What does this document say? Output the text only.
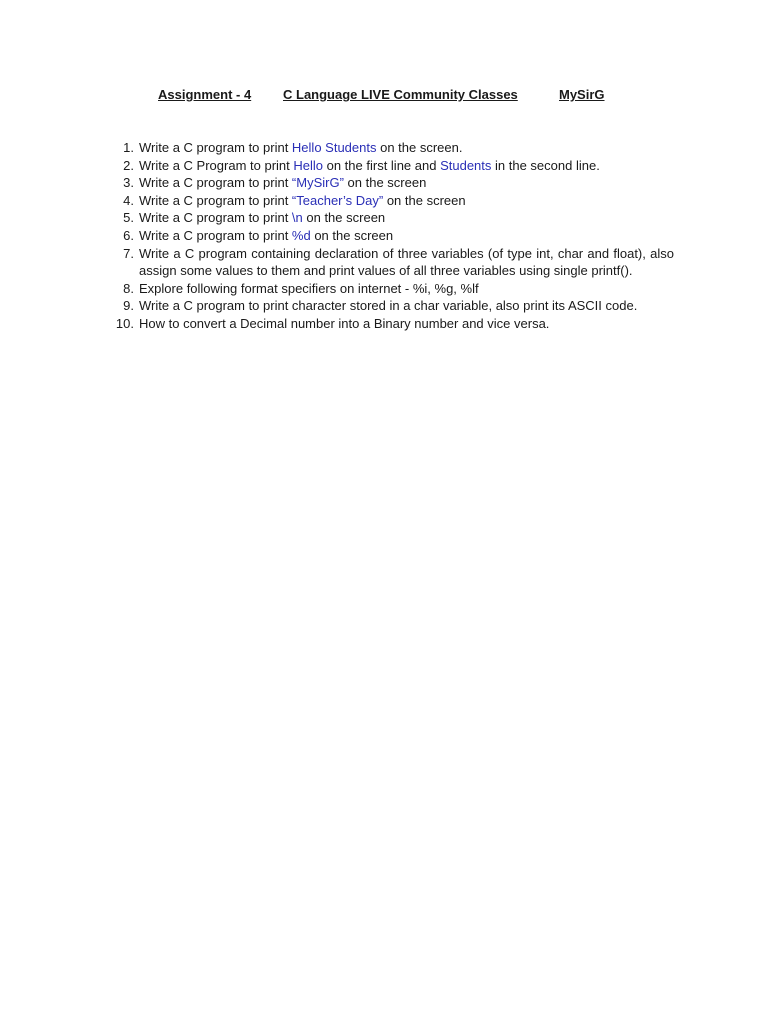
Assignment - 4 C Language LIVE Community Classes	MySirG
1. Write a C program to print Hello Students on the screen.
2. Write a C Program to print Hello on the first line and Students in the second line.
3. Write a C program to print “MySirG” on the screen
4. Write a C program to print “Teacher’s Day” on the screen
5. Write a C program to print \n on the screen
6. Write a C program to print %d on the screen
7. Write a C program containing declaration of three variables (of type int, char and float), also assign some values to them and print values of all three variables using single printf().
8. Explore following format specifiers on internet - %i, %g, %lf
9. Write a C program to print character stored in a char variable, also print its ASCII code.
10. How to convert a Decimal number into a Binary number and vice versa.
